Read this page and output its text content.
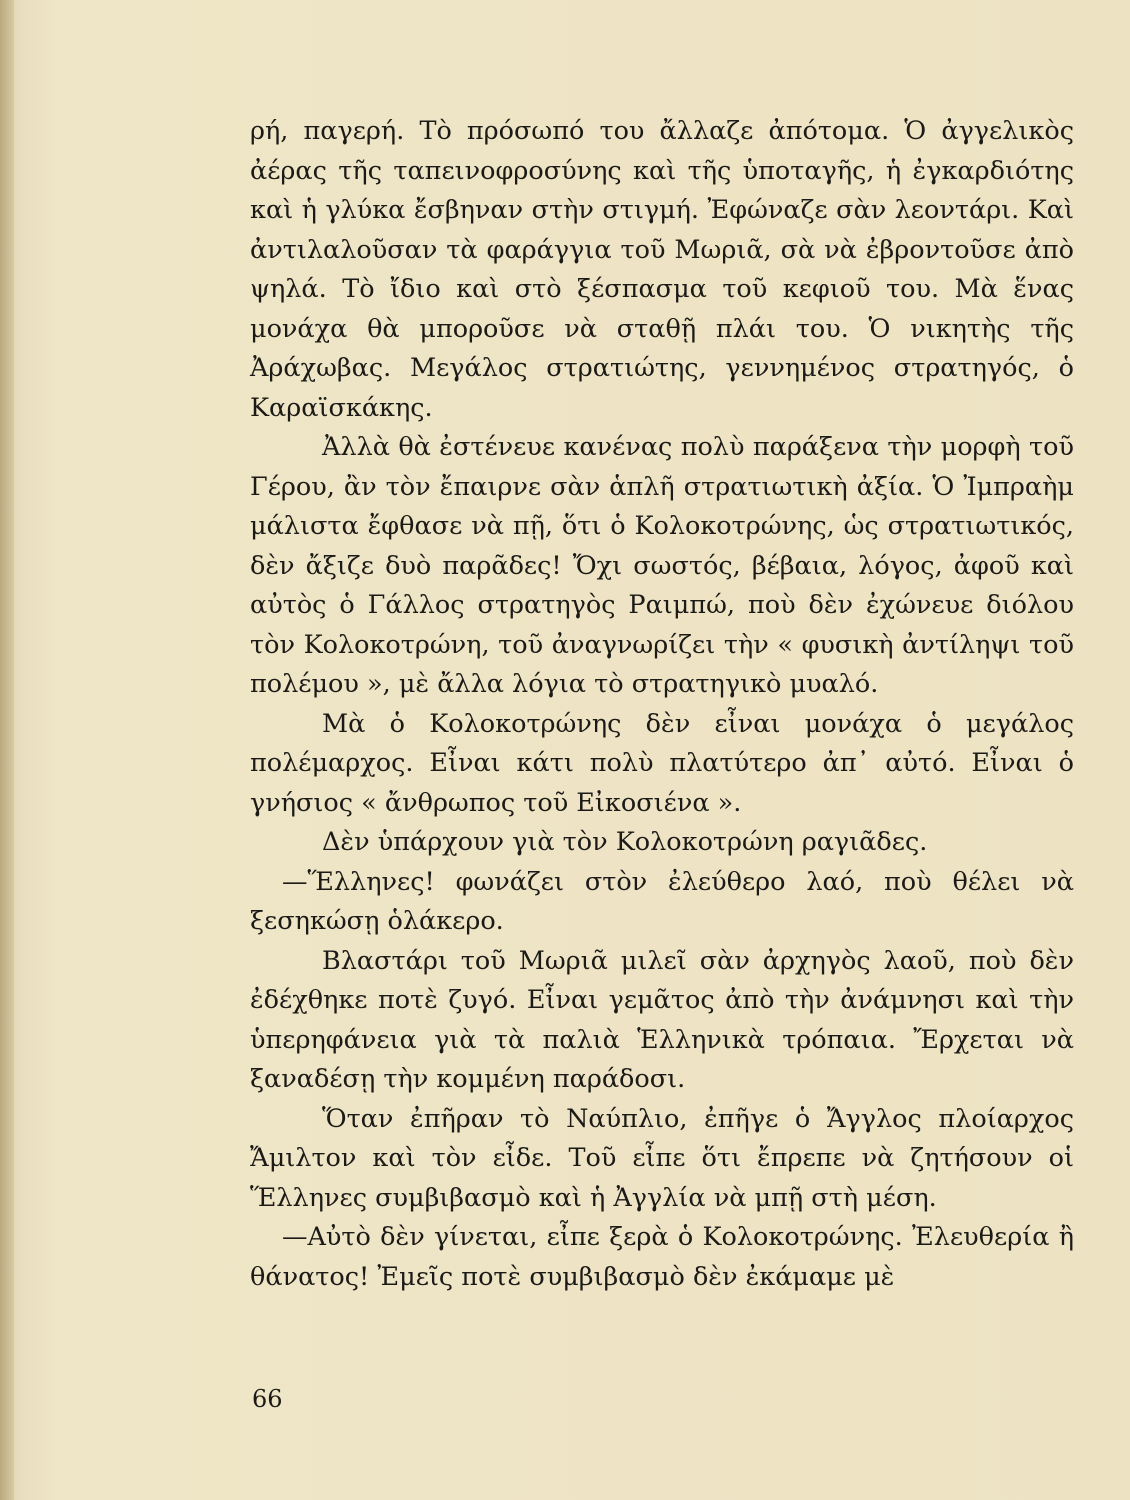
ρή, παγερή. Τὸ πρόσωπό του ἄλλαζε ἀπότομα. Ὁ ἀγγελικὸς ἀέρας τῆς ταπεινοφροσύνης καὶ τῆς ὑποταγῆς, ἡ ἐγκαρδιότης καὶ ἡ γλύκα ἔσβηναν στὴν στιγμή. Ἐφώναζε σὰν λεοντάρι. Καὶ ἀντιλαλοῦσαν τὰ φαράγγια τοῦ Μωριᾶ, σὰ νὰ ἐβροντοῦσε ἀπὸ ψηλά. Τὸ ἴδιο καὶ στὸ ξέσπασμα τοῦ κεφιοῦ του. Μὰ ἕνας μονάχα θὰ μποροῦσε νὰ σταθῇ πλάι του. Ὁ νικητὴς τῆς Ἀράχωβας. Μεγάλος στρατιώτης, γεννημένος στρατηγός, ὁ Καραϊσκάκης.

Ἀλλὰ θὰ ἐστένευε κανένας πολὺ παράξενα τὴν μορφὴ τοῦ Γέρου, ἂν τὸν ἔπαιρνε σὰν ἁπλῆ στρατιωτικὴ ἀξία. Ὁ Ἰμπραὴμ μάλιστα ἔφθασε νὰ πῇ, ὅτι ὁ Κολοκοτρώνης, ὡς στρατιωτικός, δὲν ἄξιζε δυὸ παρᾶδες! Ὄχι σωστός, βέβαια, λόγος, ἀφοῦ καὶ αὐτὸς ὁ Γάλλος στρατηγὸς Ραιμπώ, ποὺ δὲν ἐχώνευε διόλου τὸν Κολοκοτρώνη, τοῦ ἀναγνωρίζει τὴν « φυσικὴ ἀντίληψι τοῦ πολέμου », μὲ ἄλλα λόγια τὸ στρατηγικὸ μυαλό.

Μὰ ὁ Κολοκοτρώνης δὲν εἶναι μονάχα ὁ μεγάλος πολέμαρχος. Εἶναι κάτι πολὺ πλατύτερο ἀπ᾿ αὐτό. Εἶναι ὁ γνήσιος « ἄνθρωπος τοῦ Εἰκοσιένα ».

Δὲν ὑπάρχουν γιὰ τὸν Κολοκοτρώνη ραγιᾶδες.

—Ἕλληνες! φωνάζει στὸν ἐλεύθερο λαό, ποὺ θέλει νὰ ξεσηκώσῃ ὁλάκερο.

Βλαστάρι τοῦ Μωριᾶ μιλεῖ σὰν ἀρχηγὸς λαοῦ, ποὺ δὲν ἐδέχθηκε ποτὲ ζυγό. Εἶναι γεμᾶτος ἀπὸ τὴν ἀνάμνησι καὶ τὴν ὑπερηφάνεια γιὰ τὰ παλιὰ Ἑλληνικὰ τρόπαια. Ἔρχεται νὰ ξαναδέσῃ τὴν κομμένη παράδοσι.

Ὅταν ἐπῆραν τὸ Ναύπλιο, ἐπῆγε ὁ Ἄγγλος πλοίαρχος Ἄμιλτον καὶ τὸν εἶδε. Τοῦ εἶπε ὅτι ἔπρεπε νὰ ζητήσουν οἱ Ἕλληνες συμβιβασμὸ καὶ ἡ Ἀγγλία νὰ μπῇ στὴ μέση.

—Αὐτὸ δὲν γίνεται, εἶπε ξερὰ ὁ Κολοκοτρώνης. Ἐλευθερία ἢ θάνατος! Ἐμεῖς ποτὲ συμβιβασμὸ δὲν ἐκάμαμε μὲ

66
